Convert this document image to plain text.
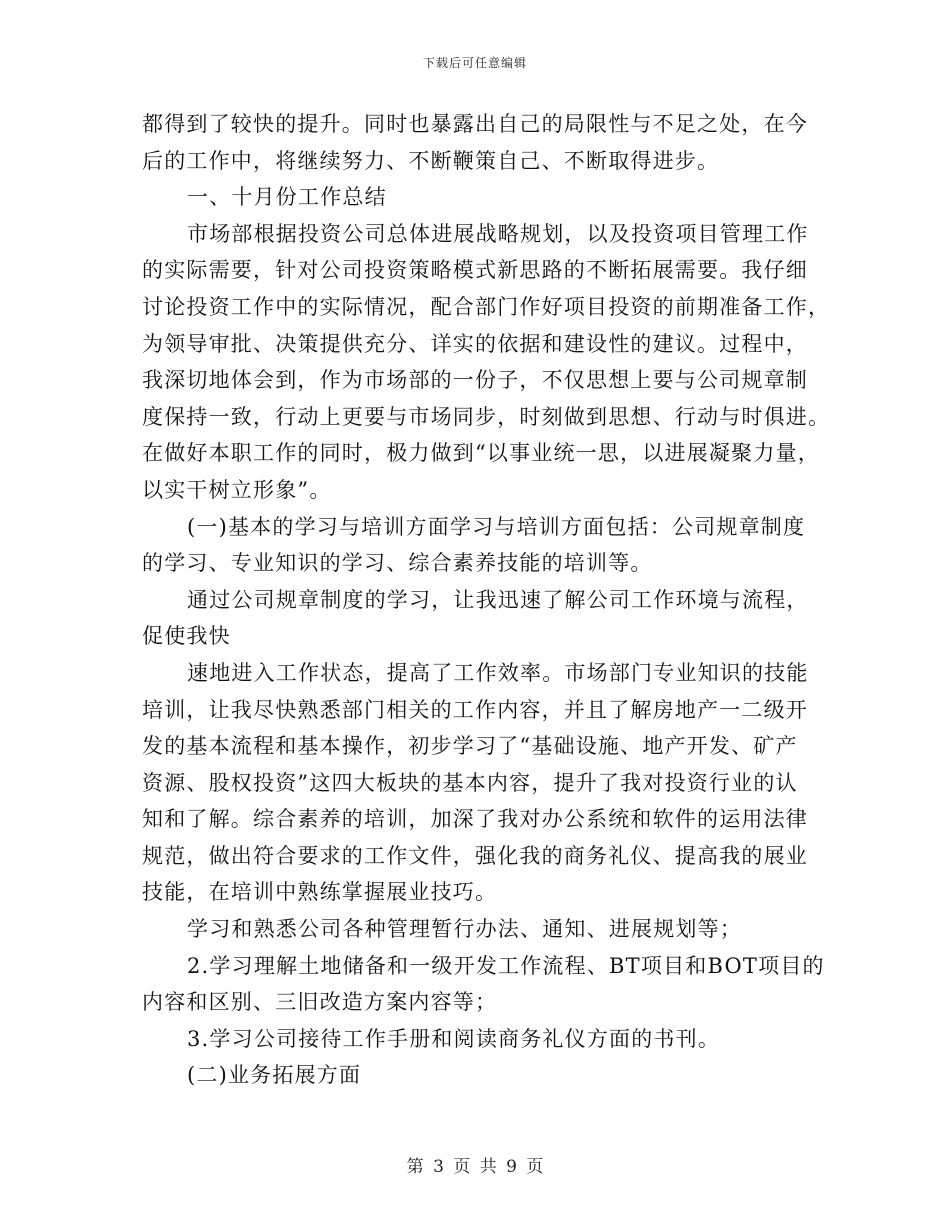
下载后可任意编辑
都得到了较快的提升。同时也暴露出自己的局限性与不足之处，在今
后的工作中，将继续努力、不断鞭策自己、不断取得进步。
一、十月份工作总结
市场部根据投资公司总体进展战略规划，以及投资项目管理工作
的实际需要，针对公司投资策略模式新思路的不断拓展需要。我仔细
讨论投资工作中的实际情况，配合部门作好项目投资的前期准备工作，
为领导审批、决策提供充分、详实的依据和建设性的建议。过程中，
我深切地体会到，作为市场部的一份子，不仅思想上要与公司规章制
度保持一致，行动上更要与市场同步，时刻做到思想、行动与时俱进。
在做好本职工作的同时，极力做到“以事业统一思，以进展凝聚力量，
以实干树立形象”。
(一)基本的学习与培训方面学习与培训方面包括：公司规章制度
的学习、专业知识的学习、综合素养技能的培训等。
通过公司规章制度的学习，让我迅速了解公司工作环境与流程，
促使我快
速地进入工作状态，提高了工作效率。市场部门专业知识的技能
培训，让我尽快熟悉部门相关的工作内容，并且了解房地产一二级开
发的基本流程和基本操作，初步学习了“基础设施、地产开发、矿产
资源、股权投资”这四大板块的基本内容，提升了我对投资行业的认
知和了解。综合素养的培训，加深了我对办公系统和软件的运用法律
规范，做出符合要求的工作文件，强化我的商务礼仪、提高我的展业
技能，在培训中熟练掌握展业技巧。
学习和熟悉公司各种管理暂行办法、通知、进展规划等；
2.学习理解土地储备和一级开发工作流程、BT项目和BOT项目的
内容和区别、三旧改造方案内容等；
3.学习公司接待工作手册和阅读商务礼仪方面的书刊。
(二)业务拓展方面
第 3 页 共 9 页
